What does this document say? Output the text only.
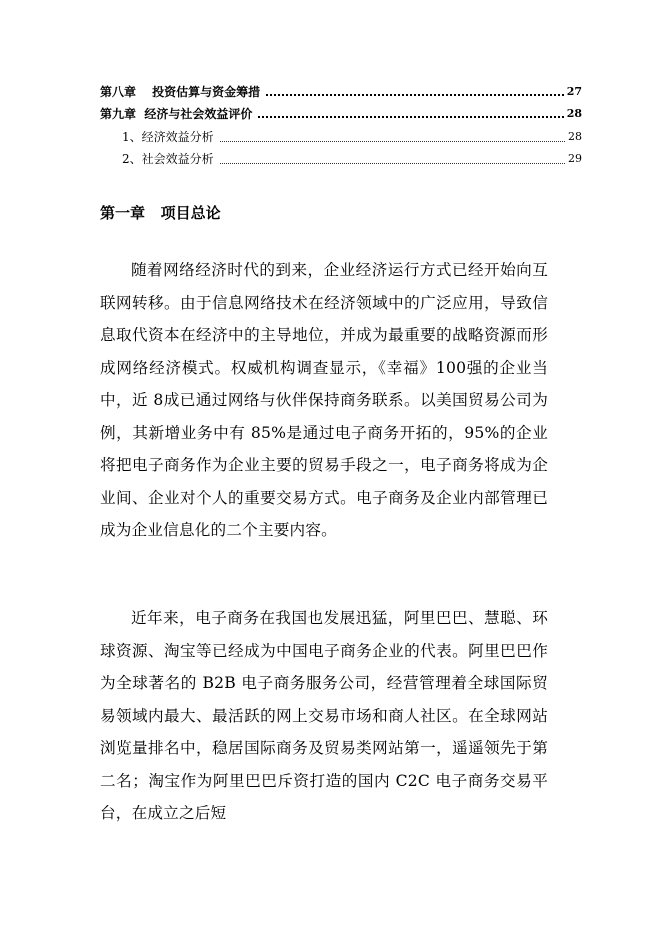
第八章　 投资估算与资金筹措	27
第九章  经济与社会效益评价	28
1、经济效益分析	28
2、社会效益分析	29
第一章   项目总论

随着网络经济时代的到来，企业经济运行方式已经开始向互联网转移。由于信息网络技术在经济领域中的广泛应用，导致信息取代资本在经济中的主导地位，并成为最重要的战略资源而形成网络经济模式。权威机构调查显示，《幸福》100强的企业当中，近 8成已通过网络与伙伴保持商务联系。以美国贸易公司为例，其新增业务中有 85%是通过电子商务开拓的，95%的企业将把电子商务作为企业主要的贸易手段之一，电子商务将成为企业间、企业对个人的重要交易方式。电子商务及企业内部管理已成为企业信息化的二个主要内容。

近年来，电子商务在我国也发展迅猛，阿里巴巴、慧聪、环球资源、淘宝等已经成为中国电子商务企业的代表。阿里巴巴作为全球著名的 B2B 电子商务服务公司，经营管理着全球国际贸易领域内最大、最活跃的网上交易市场和商人社区。在全球网站浏览量排名中，稳居国际商务及贸易类网站第一，遥遥领先于第二名；淘宝作为阿里巴巴斥资打造的国内 C2C 电子商务交易平台，在成立之后短
